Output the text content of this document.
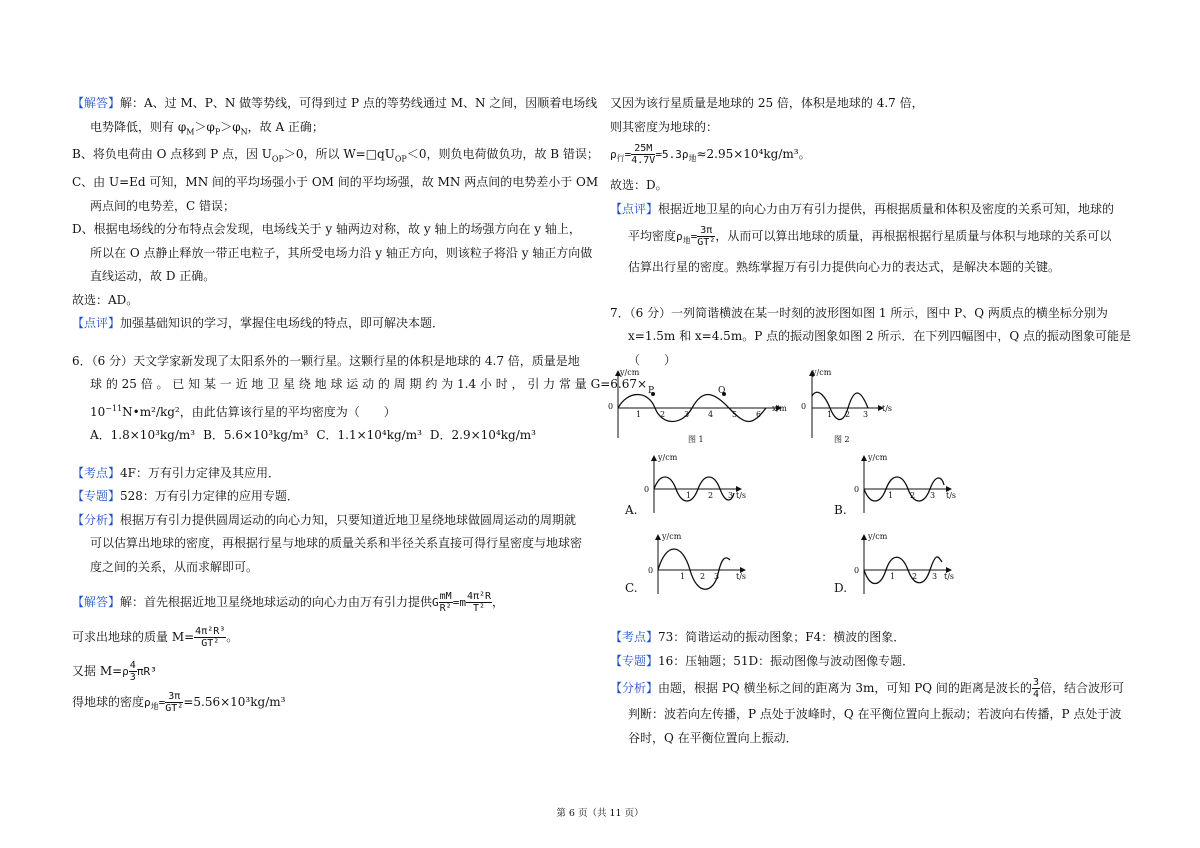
【解答】解：A、过 M、P、N 做等势线，可得到过 P 点的等势线通过 M、N 之间，因顺着电场线
电势降低，则有 $\varphi_M>\varphi_P>\varphi_N$，故 A 正确；
B、将负电荷由 O 点移到 P 点，因 $U_{OP}>0$，所以 $W=□qU_{OP}<0$，则负电荷做负功，故 B 错误；
C、由 U=Ed 可知，MN 间的平均场强小于 OM 间的平均场强，故 MN 两点间的电势差小于 OM
两点间的电势差，C 错误；
D、根据电场线的分布特点会发现，电场线关于 y 轴两边对称，故 y 轴上的场强方向在 y 轴上，
所以在 O 点静止释放一带正电粒子，其所受电场力沿 y 轴正方向，则该粒子将沿 y 轴正方向做
直线运动，故 D 正确。
故选：AD。
【点评】加强基础知识的学习，掌握住电场线的特点，即可解决本题．
6．（6 分）天文学家新发现了太阳系外的一颗行星。这颗行星的体积是地球的 4.7 倍，质量是地
球 的 25 倍 。 已 知 某 一 近 地 卫 星 绕 地 球 运 动 的 周 期 约 为 1.4 小 时 ， 引 力 常 量 G=6.67×
$10^{-11}N•m^2$/kg²，由此估算该行星的平均密度为（　　）
A．1.8×10³kg/m³ B．5.6×10³kg/m³ C．1.1×10⁴kg/m³ D．2.9×10⁴kg/m³
【考点】4F：万有引力定律及其应用．
【专题】528：万有引力定律的应用专题．
【分析】根据万有引力提供圆周运动的向心力知，只要知道近地卫星绕地球做圆周运动的周期就
可以估算出地球的密度，再根据行星与地球的质量关系和半径关系直接可得行星密度与地球密
度之间的关系，从而求解即可。
【解答】解：首先根据近地卫星绕地球运动的向心力由万有引力提供G $\frac{mM}{\text{R²}} =m \frac{\text{4π²R}}{\text{T²}}$ ，
可求出地球的质量 $M= \frac{\text{4π²R³}}{\text{GT²}}$ 。
又据 $M=\rho \frac{4}{3} \pi R^3$
得地球的密度$\rho_地= \frac{3\pi}{\text{GT²}} =5.56\times 10^3kg/m^3$
又因为该行星质量是地球的 25 倍，体积是地球的 4.7 倍，
则其密度为地球的：
$\rho_行= \frac{25M}{4.7V} =5.3\rho_地\approx 2.95\times 10^4kg/m^3$。
故选：D。
【点评】根据近地卫星的向心力由万有引力提供，再根据质量和体积及密度的关系可知，地球的
平均密度$\rho_地= \frac{3\pi}{\text{GT²}}$ ，从而可以算出地球的质量，再根据根据行星质量与体积与地球的关系可以
估算出行星的密度。熟练掌握万有引力提供向心力的表达式，是解决本题的关键。
7．（6 分）一列简谐横波在某一时刻的波形图如图 1 所示，图中 P、Q 两质点的横坐标分别为
x=1.5m 和 x=4.5m。P 点的振动图象如图 2 所示．在下列四幅图中，Q 点的振动图象可能是
（　　）
y/cm
P	Q
0
1 2 3 4 5 6
x/m
图 1
y/cm
0
1 2 3
t/s
图 2
y/cm
0
1 2 3 t/s
A.
y/cm
0
1 2 3 t/s
B.
y/cm
0
1 2 3 t/s
C.
y/cm
0
1 2 3 t/s
D.
【考点】73：简谐运动的振动图象；F4：横波的图象．
【专题】16：压轴题；51D：振动图像与波动图像专题．
【分析】由题，根据 PQ 横坐标之间的距离为 3m，可知 PQ 间的距离是波长的 $\frac{3}{4}$ 倍，结合波形可
判断：波若向左传播，P 点处于波峰时，Q 在平衡位置向上振动；若波向右传播，P 点处于波
谷时，Q 在平衡位置向上振动．
第 6 页（共 11 页）
